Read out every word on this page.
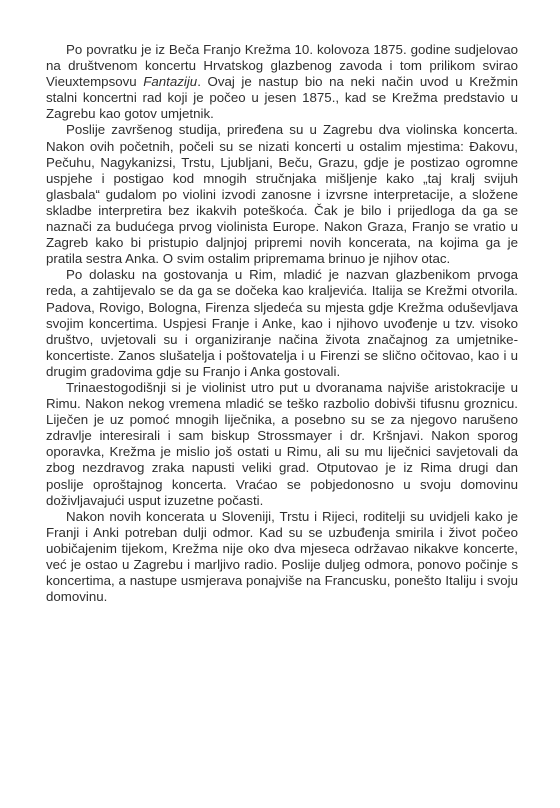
Po povratku je iz Beča Franjo Krežma 10. kolovoza 1875. godine sudjelovao na društvenom koncertu Hrvatskog glazbenog zavoda i tom prilikom svirao Vieuxtempsovu Fantaziju. Ovaj je nastup bio na neki način uvod u Krežmin stalni koncertni rad koji je počeo u jesen 1875., kad se Krežma predstavio u Zagrebu kao gotov umjetnik.

Poslije završenog studija, priređena su u Zagrebu dva violinska koncerta. Nakon ovih početnih, počeli su se nizati koncerti u ostalim mjestima: Đakovu, Pečuhu, Nagykanizsi, Trstu, Ljubljani, Beču, Grazu, gdje je postizao ogromne uspjehe i postigao kod mnogih stručnjaka mišljenje kako „taj kralj svijuh glasbala“ gudalom po violini izvodi zanosne i izvrsne interpretacije, a složene skladbe interpretira bez ikakvih poteškoća. Čak je bilo i prijedloga da ga se naznači za budućega prvog violinista Europe. Nakon Graza, Franjo se vratio u Zagreb kako bi pristupio daljnjoj pripremi novih koncerata, na kojima ga je pratila sestra Anka. O svim ostalim pripremama brinuo je njihov otac.

Po dolasku na gostovanja u Rim, mladić je nazvan glazbenikom prvoga reda, a zahtijevalo se da ga se dočeka kao kraljevića. Italija se Krežmi otvorila. Padova, Rovigo, Bologna, Firenza sljedeća su mjesta gdje Krežma oduševljava svojim koncertima. Uspjesi Franje i Anke, kao i njihovo uvođenje u tzv. visoko društvo, uvjetovali su i organiziranje načina života značajnog za umjetnike-koncertiste. Zanos slušatelja i poštovatelja i u Firenzi se slično očitovao, kao i u drugim gradovima gdje su Franjo i Anka gostovali.

Trinaestogodišnji si je violinist utro put u dvoranama najviše aristokracije u Rimu. Nakon nekog vremena mladić se teško razbolio dobivši tifusnu groznicu. Liječen je uz pomoć mnogih liječnika, a posebno su se za njegovo narušeno zdravlje interesirali i sam biskup Strossmayer i dr. Kršnjavi. Nakon sporog oporavka, Krežma je mislio još ostati u Rimu, ali su mu liječnici savjetovali da zbog nezdravog zraka napusti veliki grad. Otputovao je iz Rima drugi dan poslije oproštajnog koncerta. Vraćao se pobjedonosno u svoju domovinu doživljavajući usput izuzetne počasti.

Nakon novih koncerata u Sloveniji, Trstu i Rijeci, roditelji su uvidjeli kako je Franji i Anki potreban dulji odmor. Kad su se uzbuđenja smirila i život počeo uobičajenim tijekom, Krežma nije oko dva mjeseca održavao nikakve koncerte, već je ostao u Zagrebu i marljivo radio. Poslije duljeg odmora, ponovo počinje s koncertima, a nastupe usmjerava ponajviše na Francusku, ponešto Italiju i svoju domovinu.
